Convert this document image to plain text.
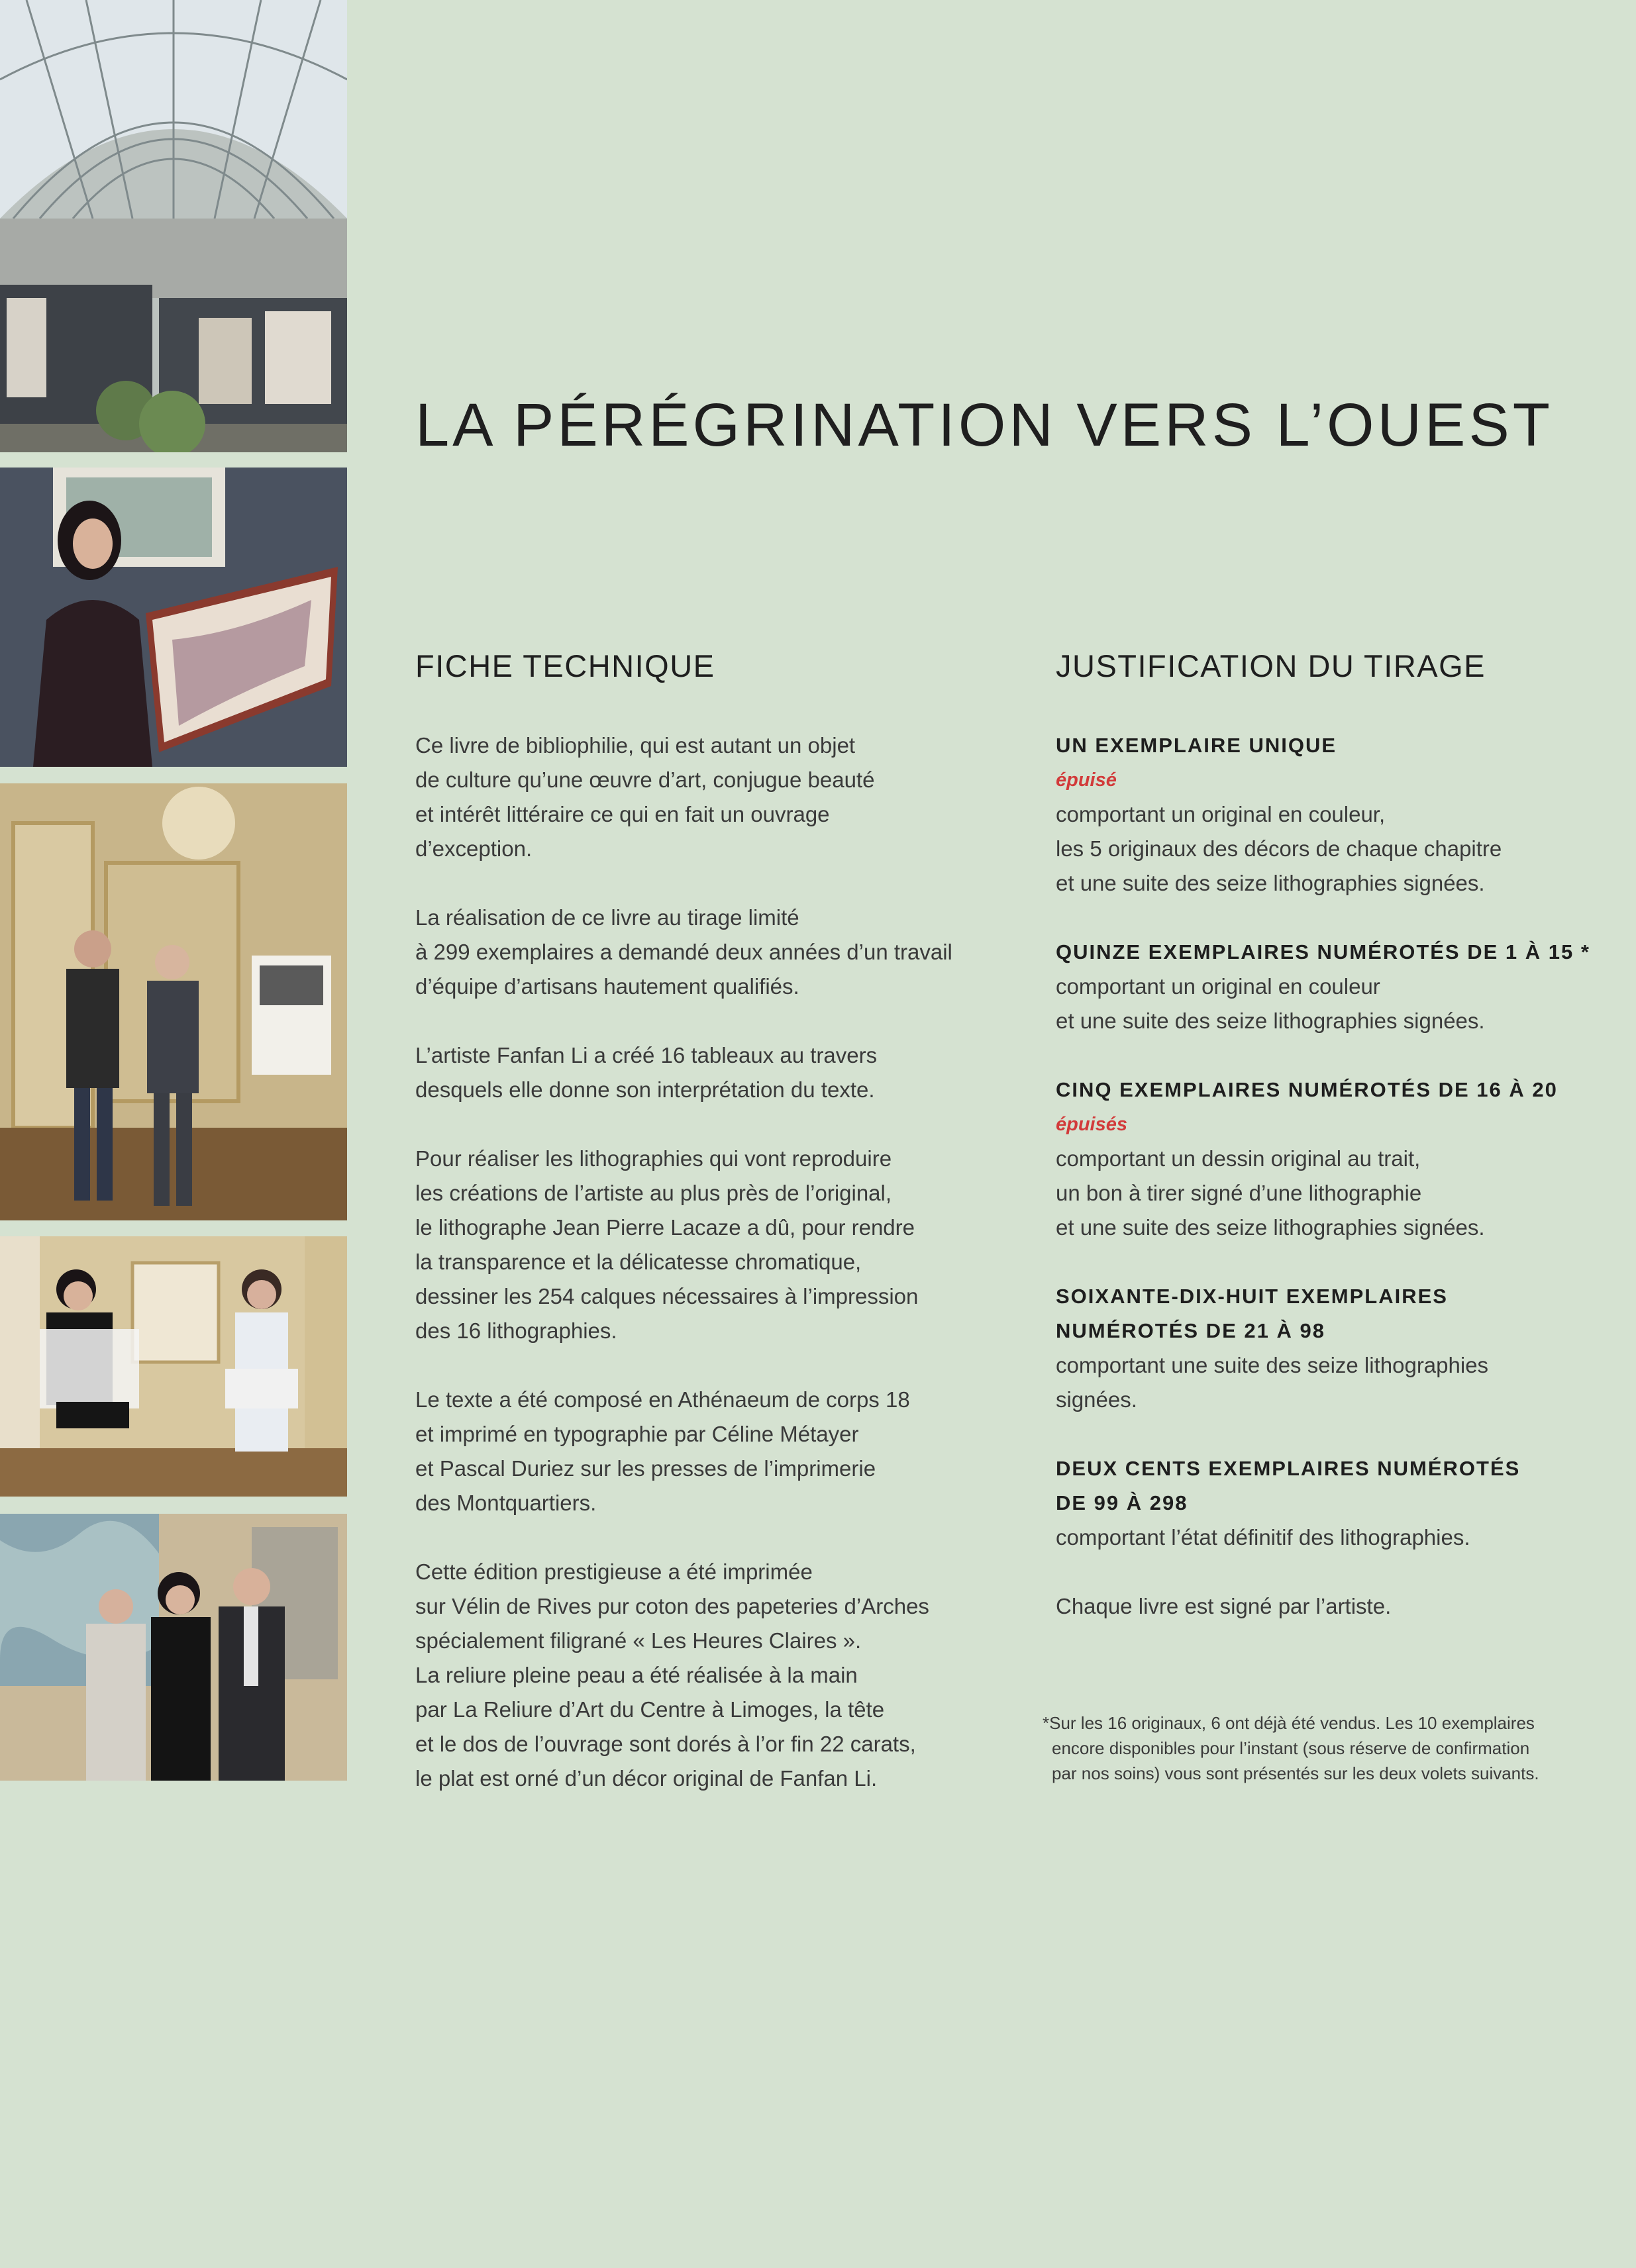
LA PÉRÉGRINATION VERS L’OUEST
FICHE TECHNIQUE

Ce livre de bibliophilie, qui est autant un objet
de culture qu’une œuvre d’art, conjugue beauté
et intérêt littéraire ce qui en fait un ouvrage
d’exception.

La réalisation de ce livre au tirage limité
à 299 exemplaires a demandé deux années d’un travail
d’équipe d’artisans hautement qualifiés.

L’artiste Fanfan Li a créé 16 tableaux au travers
desquels elle donne son interprétation du texte.

Pour réaliser les lithographies qui vont reproduire
les créations de l’artiste au plus près de l’original,
le lithographe Jean Pierre Lacaze a dû, pour rendre
la transparence et la délicatesse chromatique,
dessiner les 254 calques nécessaires à l’impression
des 16 lithographies.

Le texte a été composé en Athénaeum de corps 18
et imprimé en typographie par Céline Métayer
et Pascal Duriez sur les presses de l’imprimerie
des Montquartiers.

Cette édition prestigieuse a été imprimée
sur Vélin de Rives pur coton des papeteries d’Arches
spécialement filigrané « Les Heures Claires ».
La reliure pleine peau a été réalisée à la main
par La Reliure d’Art du Centre à Limoges, la tête
et le dos de l’ouvrage sont dorés à l’or fin 22 carats,
le plat est orné d’un décor original de Fanfan Li.

JUSTIFICATION DU TIRAGE
UN EXEMPLAIRE UNIQUE
épuisé
comportant un original en couleur,
les 5 originaux des décors de chaque chapitre
et une suite des seize lithographies signées.
QUINZE EXEMPLAIRES NUMÉROTÉS DE 1 À 15 *
comportant un original en couleur
et une suite des seize lithographies signées.
CINQ EXEMPLAIRES NUMÉROTÉS DE 16 À 20
épuisés
comportant un dessin original au trait,
un bon à tirer signé d’une lithographie
et une suite des seize lithographies signées.
SOIXANTE-DIX-HUIT EXEMPLAIRES
NUMÉROTÉS DE 21 À 98
comportant une suite des seize lithographies
signées.
DEUX CENTS EXEMPLAIRES NUMÉROTÉS
DE 99 À 298
comportant l’état définitif des lithographies.

Chaque livre est signé par l’artiste.

*Sur les 16 originaux, 6 ont déjà été vendus. Les 10 exemplaires
encore disponibles pour l’instant (sous réserve de confirmation
par nos soins) vous sont présentés sur les deux volets suivants.
